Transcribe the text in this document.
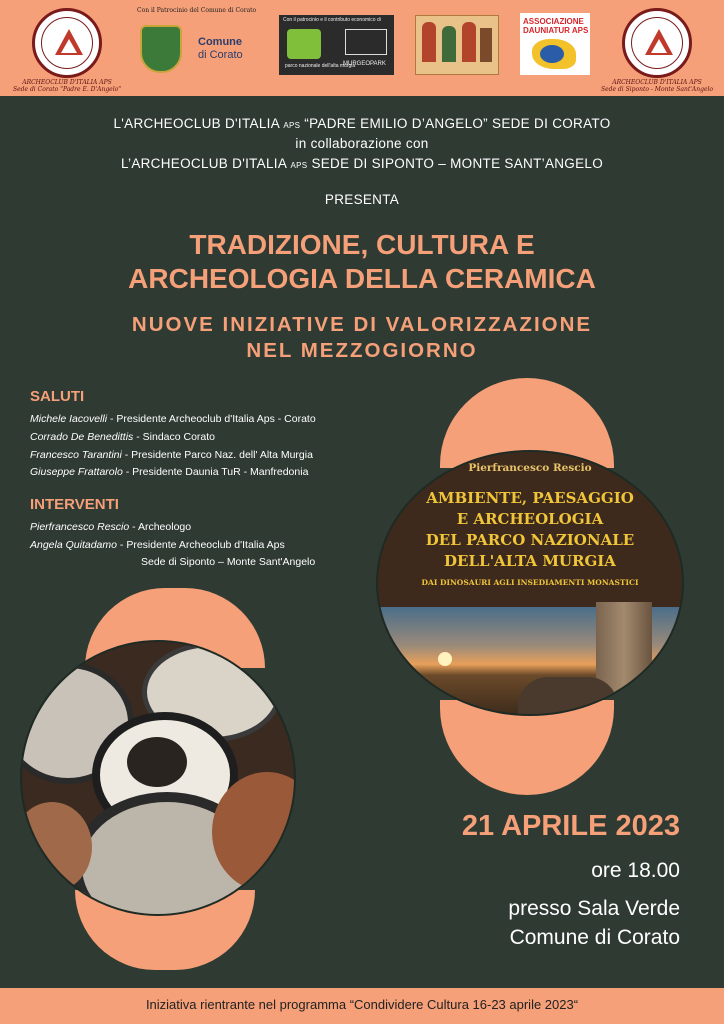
ARCHEOCLUB D'ITALIA APS
Sede di Corato "Padre E. D'Angelo"
Con il Patrocinio del Comune di Corato
Comune
di Corato
Con il patrocinio e il contributo economico di
parco nazionale dell'alta murgia
MURGEOPARK
ASSOCIAZIONE DAUNIATUR APS
ARCHEOCLUB D'ITALIA APS
Sede di Siponto - Monte Sant'Angelo
L'ARCHEOCLUB D'ITALIA APS “PADRE EMILIO D’ANGELO” SEDE DI CORATO
in collaborazione con
L’ARCHEOCLUB D'ITALIA APS SEDE DI SIPONTO – MONTE SANT’ANGELO
PRESENTA
TRADIZIONE, CULTURA E
ARCHEOLOGIA DELLA CERAMICA
NUOVE INIZIATIVE DI VALORIZZAZIONE
NEL MEZZOGIORNO
SALUTI
Michele Iacovelli - Presidente Archeoclub d'Italia Aps - Corato
Corrado De Benedittis - Sindaco Corato
Francesco Tarantini - Presidente Parco Naz. dell' Alta Murgia
Giuseppe Frattarolo - Presidente Daunia TuR - Manfredonia
INTERVENTI
Pierfrancesco Rescio - Archeologo
Angela Quitadamo - Presidente Archeoclub d'Italia Aps
Sede di Siponto – Monte Sant'Angelo
Pierfrancesco Rescio
AMBIENTE, PAESAGGIO
E ARCHEOLOGIA
DEL PARCO NAZIONALE
DELL'ALTA MURGIA
DAI DINOSAURI AGLI INSEDIAMENTI MONASTICI
21 APRILE 2023
ore 18.00
presso Sala Verde
Comune di Corato
Iniziativa rientrante nel programma “Condividere Cultura 16-23 aprile 2023“
